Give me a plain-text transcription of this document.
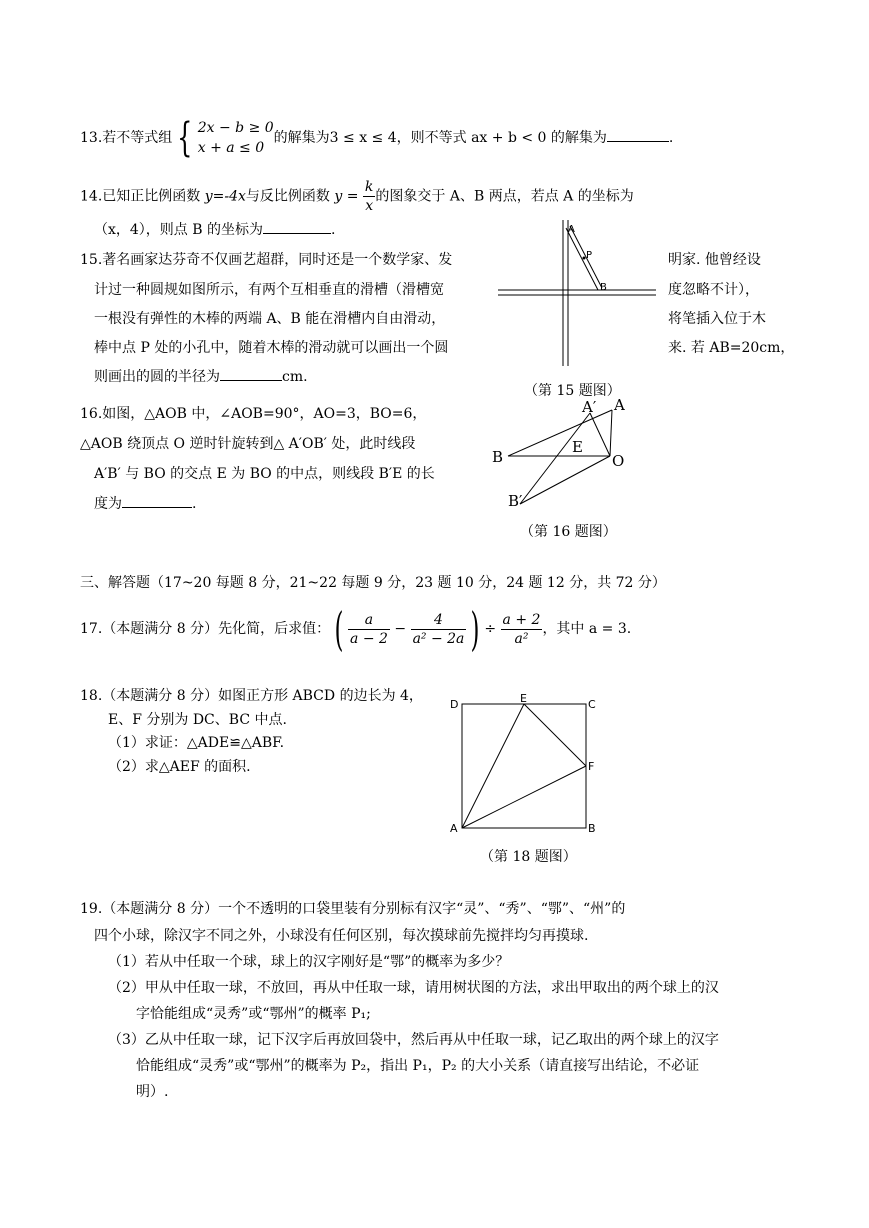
13.若不等式组 { 2x − b ≥ 0
x + a ≤ 0
的解集为3 ≤ x ≤ 4，则不等式 ax + b < 0 的解集为	.
14.已知正比例函数 y=-4x与反比例函数 $y = \frac{k}{x}$ 的图象交于 A、B 两点，若点 A 的坐标为
（x，4），则点 B 的坐标为	.
15.著名画家达芬奇不仅画艺超群，同时还是一个数学家、发	明家. 他曾经设
计过一种圆规如图所示，有两个互相垂直的滑槽（滑槽宽	度忽略不计），
一根没有弹性的木棒的两端 A、B 能在滑槽内自由滑动，	将笔插入位于木
棒中点 P 处的小孔中，随着木棒的滑动就可以画出一个圆	来. 若 AB=20cm，
则画出的圆的半径为	cm.
A
P
B
（第 15 题图）
16.如图，△AOB 中，∠AOB=90°，AO=3，BO=6，
△AOB 绕顶点 O 逆时针旋转到△ A′OB′ 处，此时线段
A′B′ 与 BO 的交点 E 为 BO 的中点，则线段 B′E 的长
度为	.
A′ A
B
E
O
B′
（第 16 题图）
三、解答题（17~20 每题 8 分，21~22 每题 9 分，23 题 10 分，24 题 12 分，共 72 分）
17.（本题满分 8 分）先化简，后求值：( $\frac{a}{a - 2} - \frac{4}{\text{a² − 2a}}$ ) ÷ $\frac{a + 2}{\text{a²}}$ ，其中 a = 3.
18.（本题满分 8 分）如图正方形 ABCD 的边长为 4，
E、F 分别为 DC、BC 中点.
（1）求证：△ADE≌△ABF.
（2）求△AEF 的面积.
D	E	C
F
A	B
（第 18 题图）
19.（本题满分 8 分）一个不透明的口袋里装有分别标有汉字“灵”、“秀”、“鄂”、“州”的
四个小球，除汉字不同之外，小球没有任何区别，每次摸球前先搅拌均匀再摸球.
（1）若从中任取一个球，球上的汉字刚好是“鄂”的概率为多少？
（2）甲从中任取一球，不放回，再从中任取一球，请用树状图的方法，求出甲取出的两个球上的汉
字恰能组成“灵秀”或“鄂州”的概率 P₁;
（3）乙从中任取一球，记下汉字后再放回袋中，然后再从中任取一球，记乙取出的两个球上的汉字
恰能组成“灵秀”或“鄂州”的概率为 P₂，指出 P₁，P₂ 的大小关系（请直接写出结论，不必证
明）.
